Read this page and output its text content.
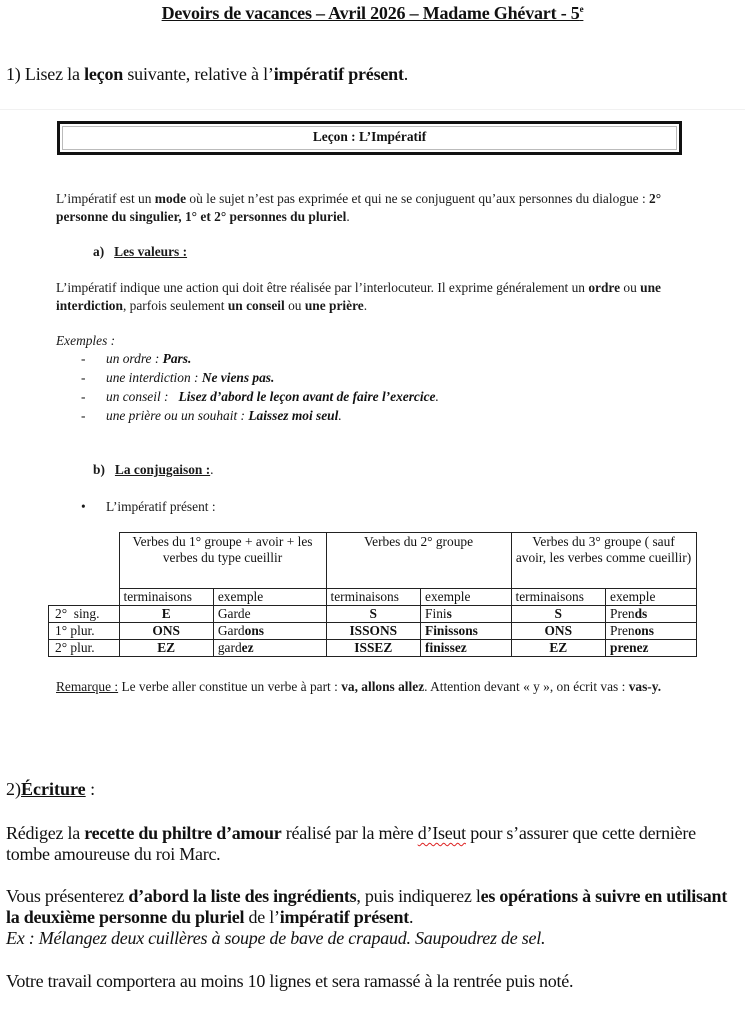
Devoirs de vacances – Avril 2026 – Madame Ghévart - 5e
1) Lisez la leçon suivante, relative à l’impératif présent.
Leçon : L’Impératif
L’impératif est un mode où le sujet n’est pas exprimée et qui ne se conjuguent qu’aux personnes du dialogue : 2° personne du singulier, 1° et 2° personnes du pluriel.
a) Les valeurs :
L’impératif indique une action qui doit être réalisée par l’interlocuteur. Il exprime généralement un ordre ou une interdiction, parfois seulement un conseil ou une prière.
Exemples :
- un ordre : Pars.
- une interdiction : Ne viens pas.
- un conseil :   Lisez d’abord le leçon avant de faire l’exercice.
- une prière ou un souhait : Laissez moi seul.
b) La conjugaison :.
• L’impératif présent :
	Verbes du 1° groupe + avoir + les verbes du type cueillir		Verbes du 2° groupe		Verbes du 3° groupe ( sauf avoir, les verbes comme cueillir)	
	terminaisons	exemple	terminaisons	exemple	terminaisons	exemple
2°  sing.	E	Garde	S	Finis	S	Prends
1° plur.	ONS	Gardons	ISSONS	Finissons	ONS	Prenons
2° plur.	EZ	gardez	ISSEZ	finissez	EZ	prenez
Remarque : Le verbe aller constitue un verbe à part : va, allons allez. Attention devant « y », on écrit vas : vas-y.
2)Écriture :
Rédigez la recette du philtre d’amour réalisé par la mère d’Iseut pour s’assurer que cette dernière tombe amoureuse du roi Marc.
Vous présenterez d’abord la liste des ingrédients, puis indiquerez les opérations à suivre en utilisant la deuxième personne du pluriel de l’impératif présent.
Ex : Mélangez deux cuillères à soupe de bave de crapaud. Saupoudrez de sel.
Votre travail comportera au moins 10 lignes et sera ramassé à la rentrée puis noté.
